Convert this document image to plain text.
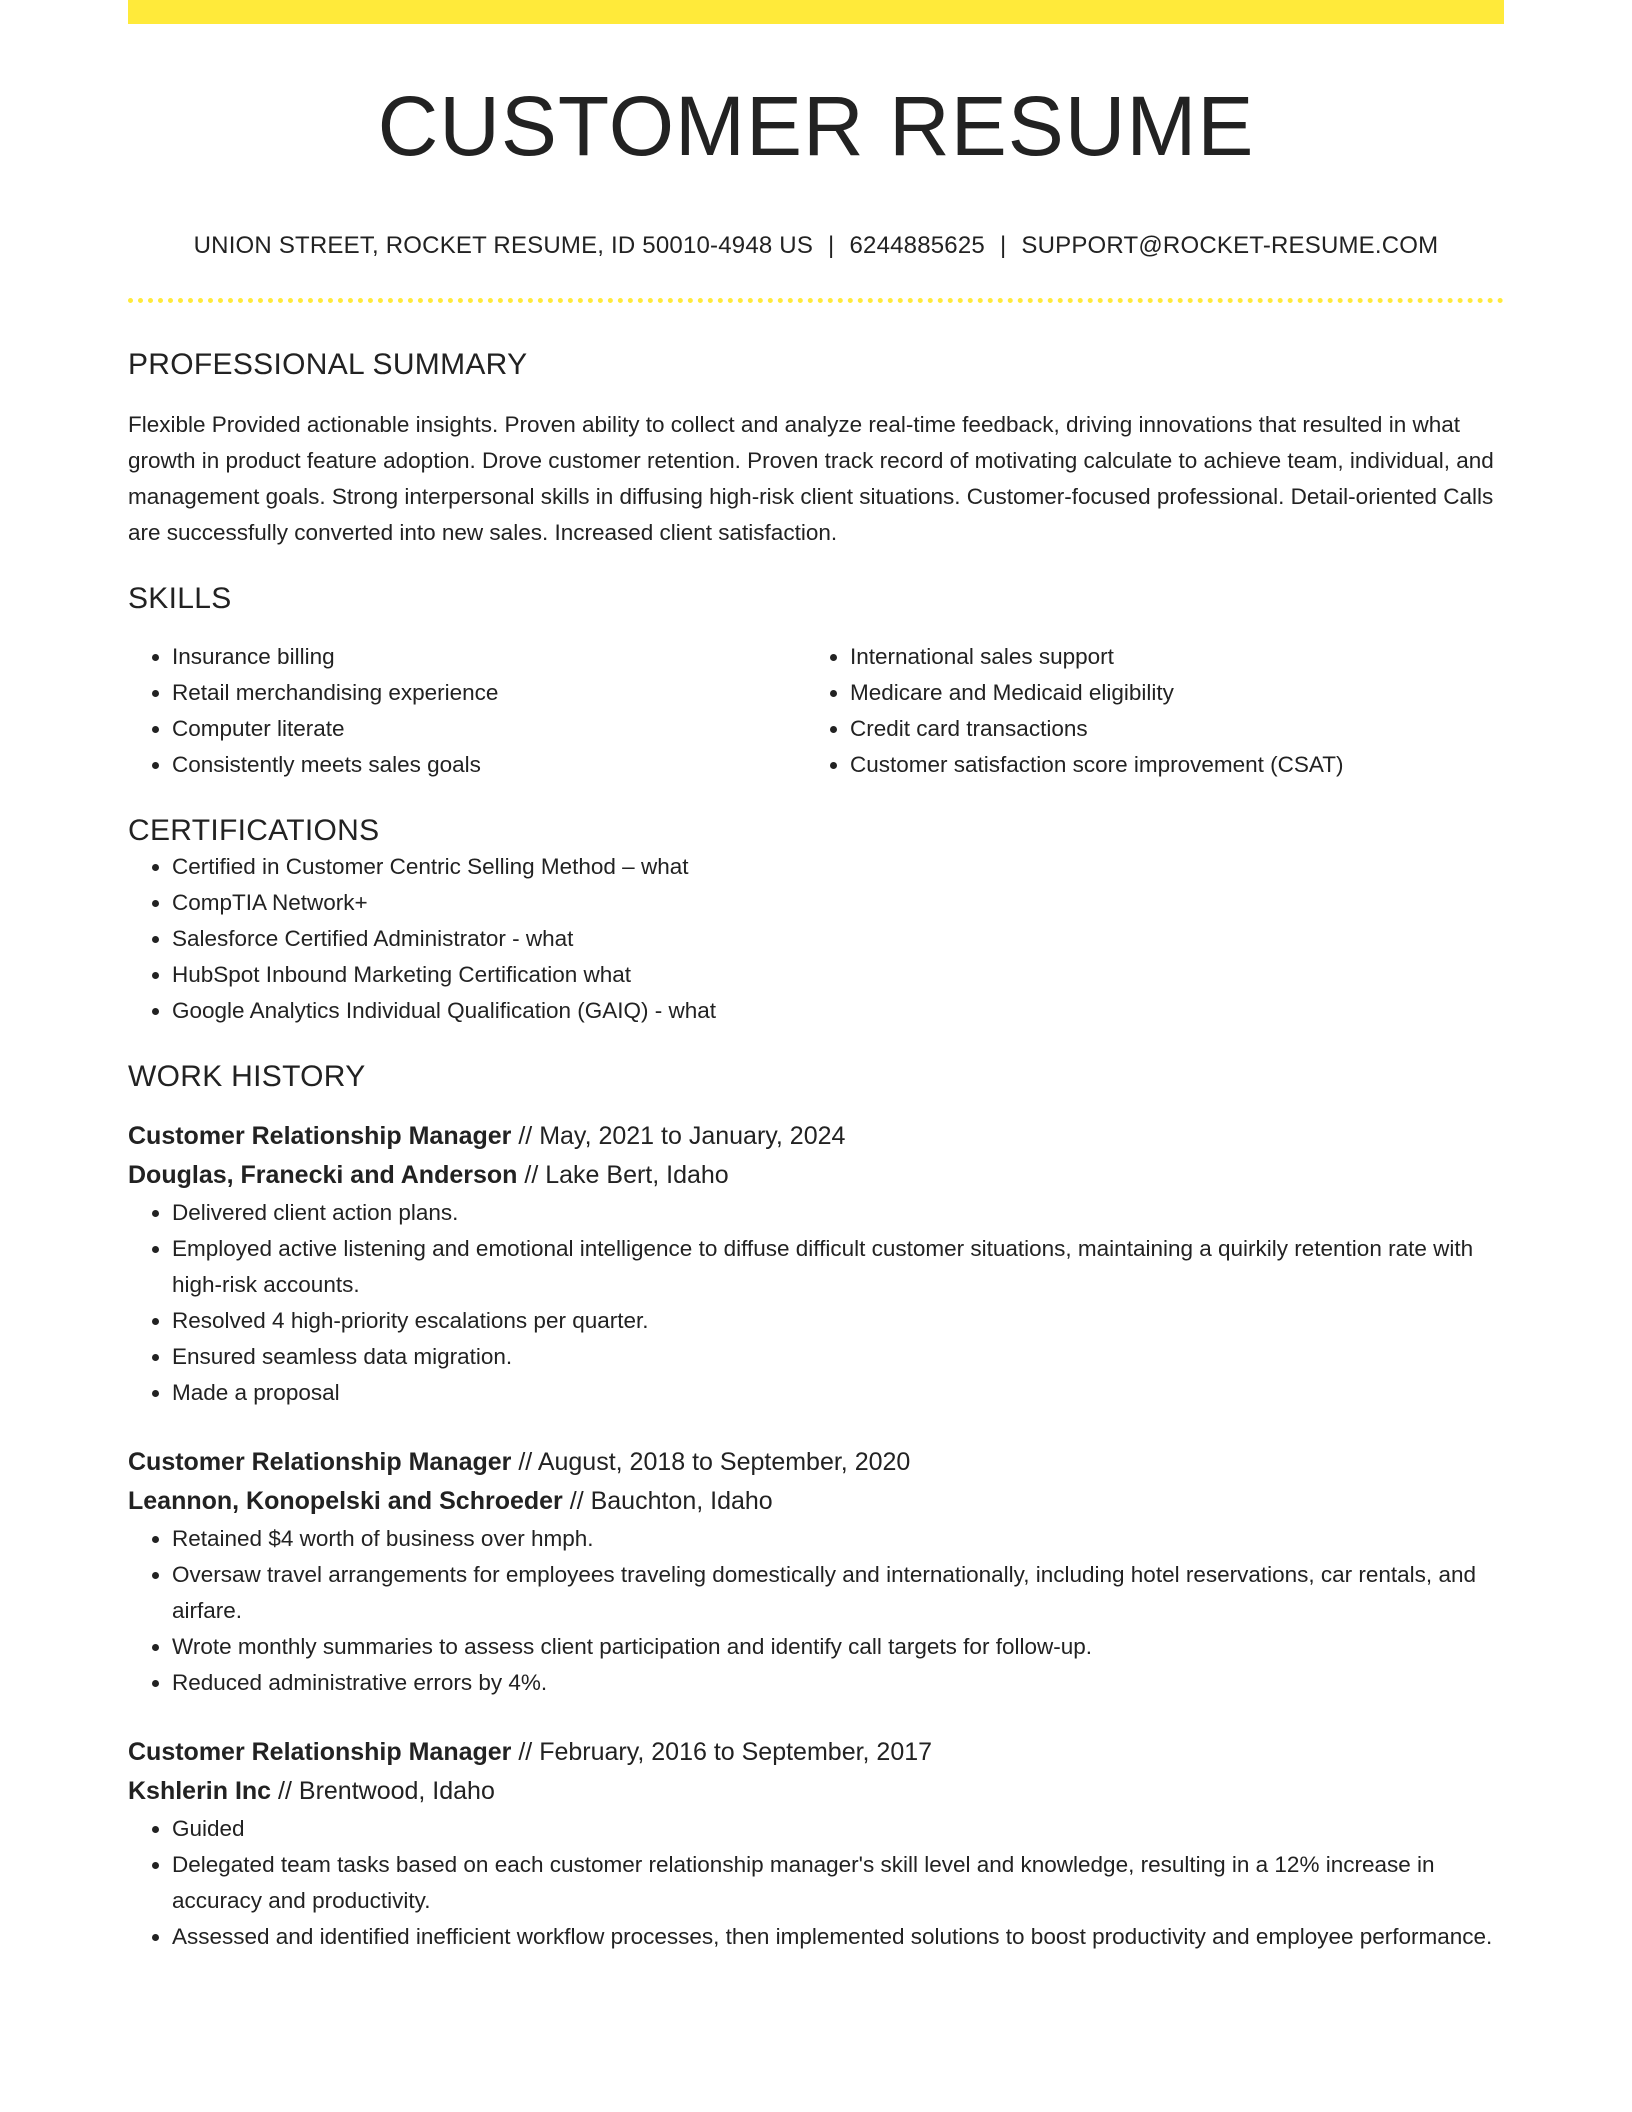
CUSTOMER RESUME
UNION STREET, ROCKET RESUME, ID 50010-4948 US | 6244885625 | SUPPORT@ROCKET-RESUME.COM
PROFESSIONAL SUMMARY

Flexible Provided actionable insights. Proven ability to collect and analyze real-time feedback, driving innovations that resulted in what growth in product feature adoption. Drove customer retention. Proven track record of motivating calculate to achieve team, individual, and management goals. Strong interpersonal skills in diffusing high-risk client situations. Customer-focused professional. Detail-oriented Calls are successfully converted into new sales. Increased client satisfaction.

SKILLS
• Insurance billing
• Retail merchandising experience
• Computer literate
• Consistently meets sales goals
• International sales support
• Medicare and Medicaid eligibility
• Credit card transactions
• Customer satisfaction score improvement (CSAT)
CERTIFICATIONS
• Certified in Customer Centric Selling Method – what
• CompTIA Network+
• Salesforce Certified Administrator - what
• HubSpot Inbound Marketing Certification what
• Google Analytics Individual Qualification (GAIQ) - what
WORK HISTORY
Customer Relationship Manager // May, 2021 to January, 2024
Douglas, Franecki and Anderson // Lake Bert, Idaho
• Delivered client action plans.
• Employed active listening and emotional intelligence to diffuse difficult customer situations, maintaining a quirkily retention rate with high-risk accounts.
• Resolved 4 high-priority escalations per quarter.
• Ensured seamless data migration.
• Made a proposal
Customer Relationship Manager // August, 2018 to September, 2020
Leannon, Konopelski and Schroeder // Bauchton, Idaho
• Retained $4 worth of business over hmph.
• Oversaw travel arrangements for employees traveling domestically and internationally, including hotel reservations, car rentals, and airfare.
• Wrote monthly summaries to assess client participation and identify call targets for follow-up.
• Reduced administrative errors by 4%.
Customer Relationship Manager // February, 2016 to September, 2017
Kshlerin Inc // Brentwood, Idaho
• Guided
• Delegated team tasks based on each customer relationship manager's skill level and knowledge, resulting in a 12% increase in accuracy and productivity.
• Assessed and identified inefficient workflow processes, then implemented solutions to boost productivity and employee performance.
